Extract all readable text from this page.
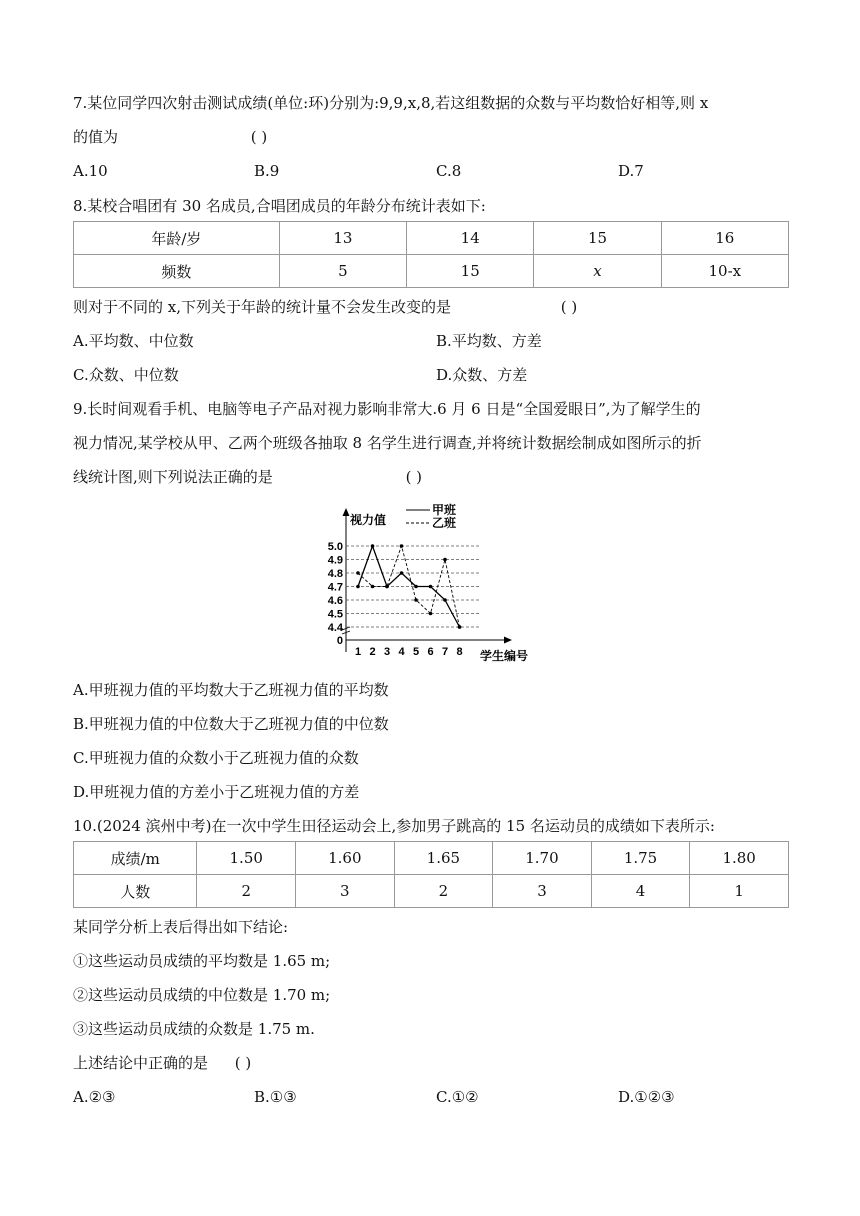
7.某位同学四次射击测试成绩(单位:环)分别为:9,9,x,8,若这组数据的众数与平均数恰好相等,则 x
的值为	( )
A.10	B.9	C.8	D.7
8.某校合唱团有 30 名成员,合唱团成员的年龄分布统计表如下:
年龄/岁	13	14	15	16
频数	5	15	x	10-x
则对于不同的 x,下列关于年龄的统计量不会发生改变的是	( )
A.平均数、中位数	B.平均数、方差
C.众数、中位数	D.众数、方差
9.长时间观看手机、电脑等电子产品对视力影响非常大.6 月 6 日是“全国爱眼日”,为了解学生的
视力情况,某学校从甲、乙两个班级各抽取 8 名学生进行调查,并将统计数据绘制成如图所示的折
线统计图,则下列说法正确的是	( )
视力值
学生编号
甲班
乙班
5.0
4.9
4.8
4.7
4.6
4.5
4.4
0
1 2 3 4 5 6 7 8
A.甲班视力值的平均数大于乙班视力值的平均数
B.甲班视力值的中位数大于乙班视力值的中位数
C.甲班视力值的众数小于乙班视力值的众数
D.甲班视力值的方差小于乙班视力值的方差
10.(2024 滨州中考)在一次中学生田径运动会上,参加男子跳高的 15 名运动员的成绩如下表所示:
成绩/m	1.50	1.60	1.65	1.70	1.75	1.80
人数	2	3	2	3	4	1
某同学分析上表后得出如下结论:
①这些运动员成绩的平均数是 1.65 m;
②这些运动员成绩的中位数是 1.70 m;
③这些运动员成绩的众数是 1.75 m.
上述结论中正确的是 ( )
A.②③	B.①③	C.①②	D.①②③
